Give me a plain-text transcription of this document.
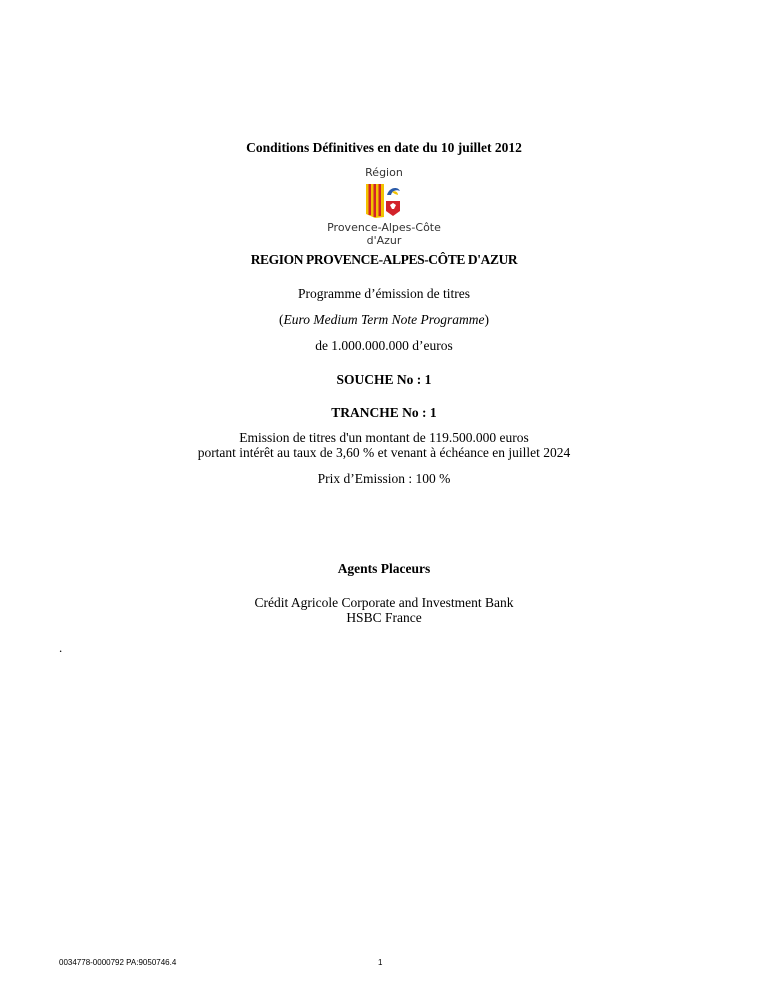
Conditions Définitives en date du 10 juillet 2012
Région
Provence-Alpes-Côte d'Azur
REGION PROVENCE-ALPES-CÔTE D'AZUR
Programme d’émission de titres
(Euro Medium Term Note Programme)
de 1.000.000.000 d’euros
SOUCHE No : 1
TRANCHE No : 1
Emission de titres d'un montant de 119.500.000 euros
portant intérêt au taux de 3,60 % et venant à échéance en juillet 2024
Prix d’Emission : 100 %
Agents Placeurs
Crédit Agricole Corporate and Investment Bank
HSBC France
.
0034778-0000792 PA:9050746.4	1
